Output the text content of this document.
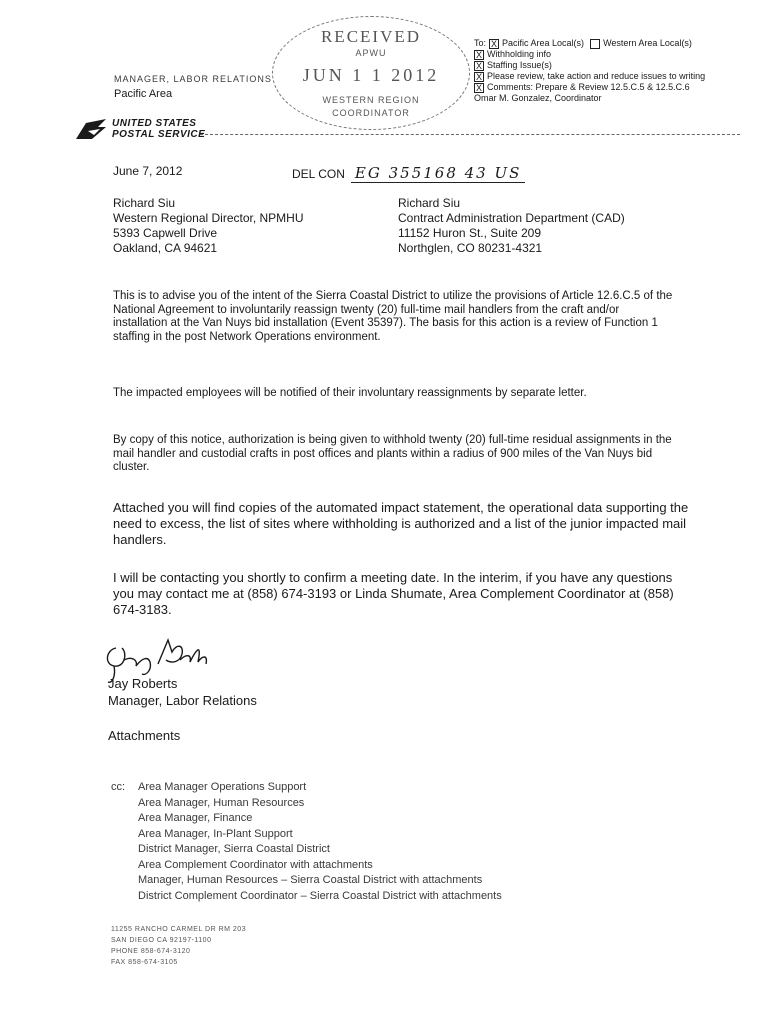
MANAGER, LABOR RELATIONS
Pacific Area
RECEIVED
APWU
JUN 1 1 2012
WESTERN REGION
COORDINATOR
To: X Pacific Area Local(s) Western Area Local(s)
X Withholding info
X Staffing Issue(s)
X Please review, take action and reduce issues to writing
X Comments: Prepare & Review 12.5.C.5 & 12.5.C.6
Omar M. Gonzalez, Coordinator
UNITED STATES
POSTAL SERVICE
June 7, 2012	DEL CON EG 355168 43 US
Richard Siu
Western Regional Director, NPMHU
5393 Capwell Drive
Oakland, CA 94621
Richard Siu
Contract Administration Department (CAD)
11152 Huron St., Suite 209
Northglen, CO 80231-4321
This is to advise you of the intent of the Sierra Coastal District to utilize the provisions of Article 12.6.C.5 of the National Agreement to involuntarily reassign twenty (20) full-time mail handlers from the craft and/or installation at the Van Nuys bid installation (Event 35397). The basis for this action is a review of Function 1 staffing in the post Network Operations environment.
The impacted employees will be notified of their involuntary reassignments by separate letter.
By copy of this notice, authorization is being given to withhold twenty (20) full-time residual assignments in the mail handler and custodial crafts in post offices and plants within a radius of 900 miles of the Van Nuys bid cluster.
Attached you will find copies of the automated impact statement, the operational data supporting the need to excess, the list of sites where withholding is authorized and a list of the junior impacted mail handlers.
I will be contacting you shortly to confirm a meeting date. In the interim, if you have any questions you may contact me at (858) 674-3193 or Linda Shumate, Area Complement Coordinator at (858) 674-3183.
Jay Roberts
Manager, Labor Relations
Attachments
cc: Area Manager Operations Support
Area Manager, Human Resources
Area Manager, Finance
Area Manager, In-Plant Support
District Manager, Sierra Coastal District
Area Complement Coordinator with attachments
Manager, Human Resources – Sierra Coastal District with attachments
District Complement Coordinator – Sierra Coastal District with attachments
11255 RANCHO CARMEL DR RM 203
SAN DIEGO CA 92197-1100
PHONE 858-674-3120
FAX 858-674-3105
